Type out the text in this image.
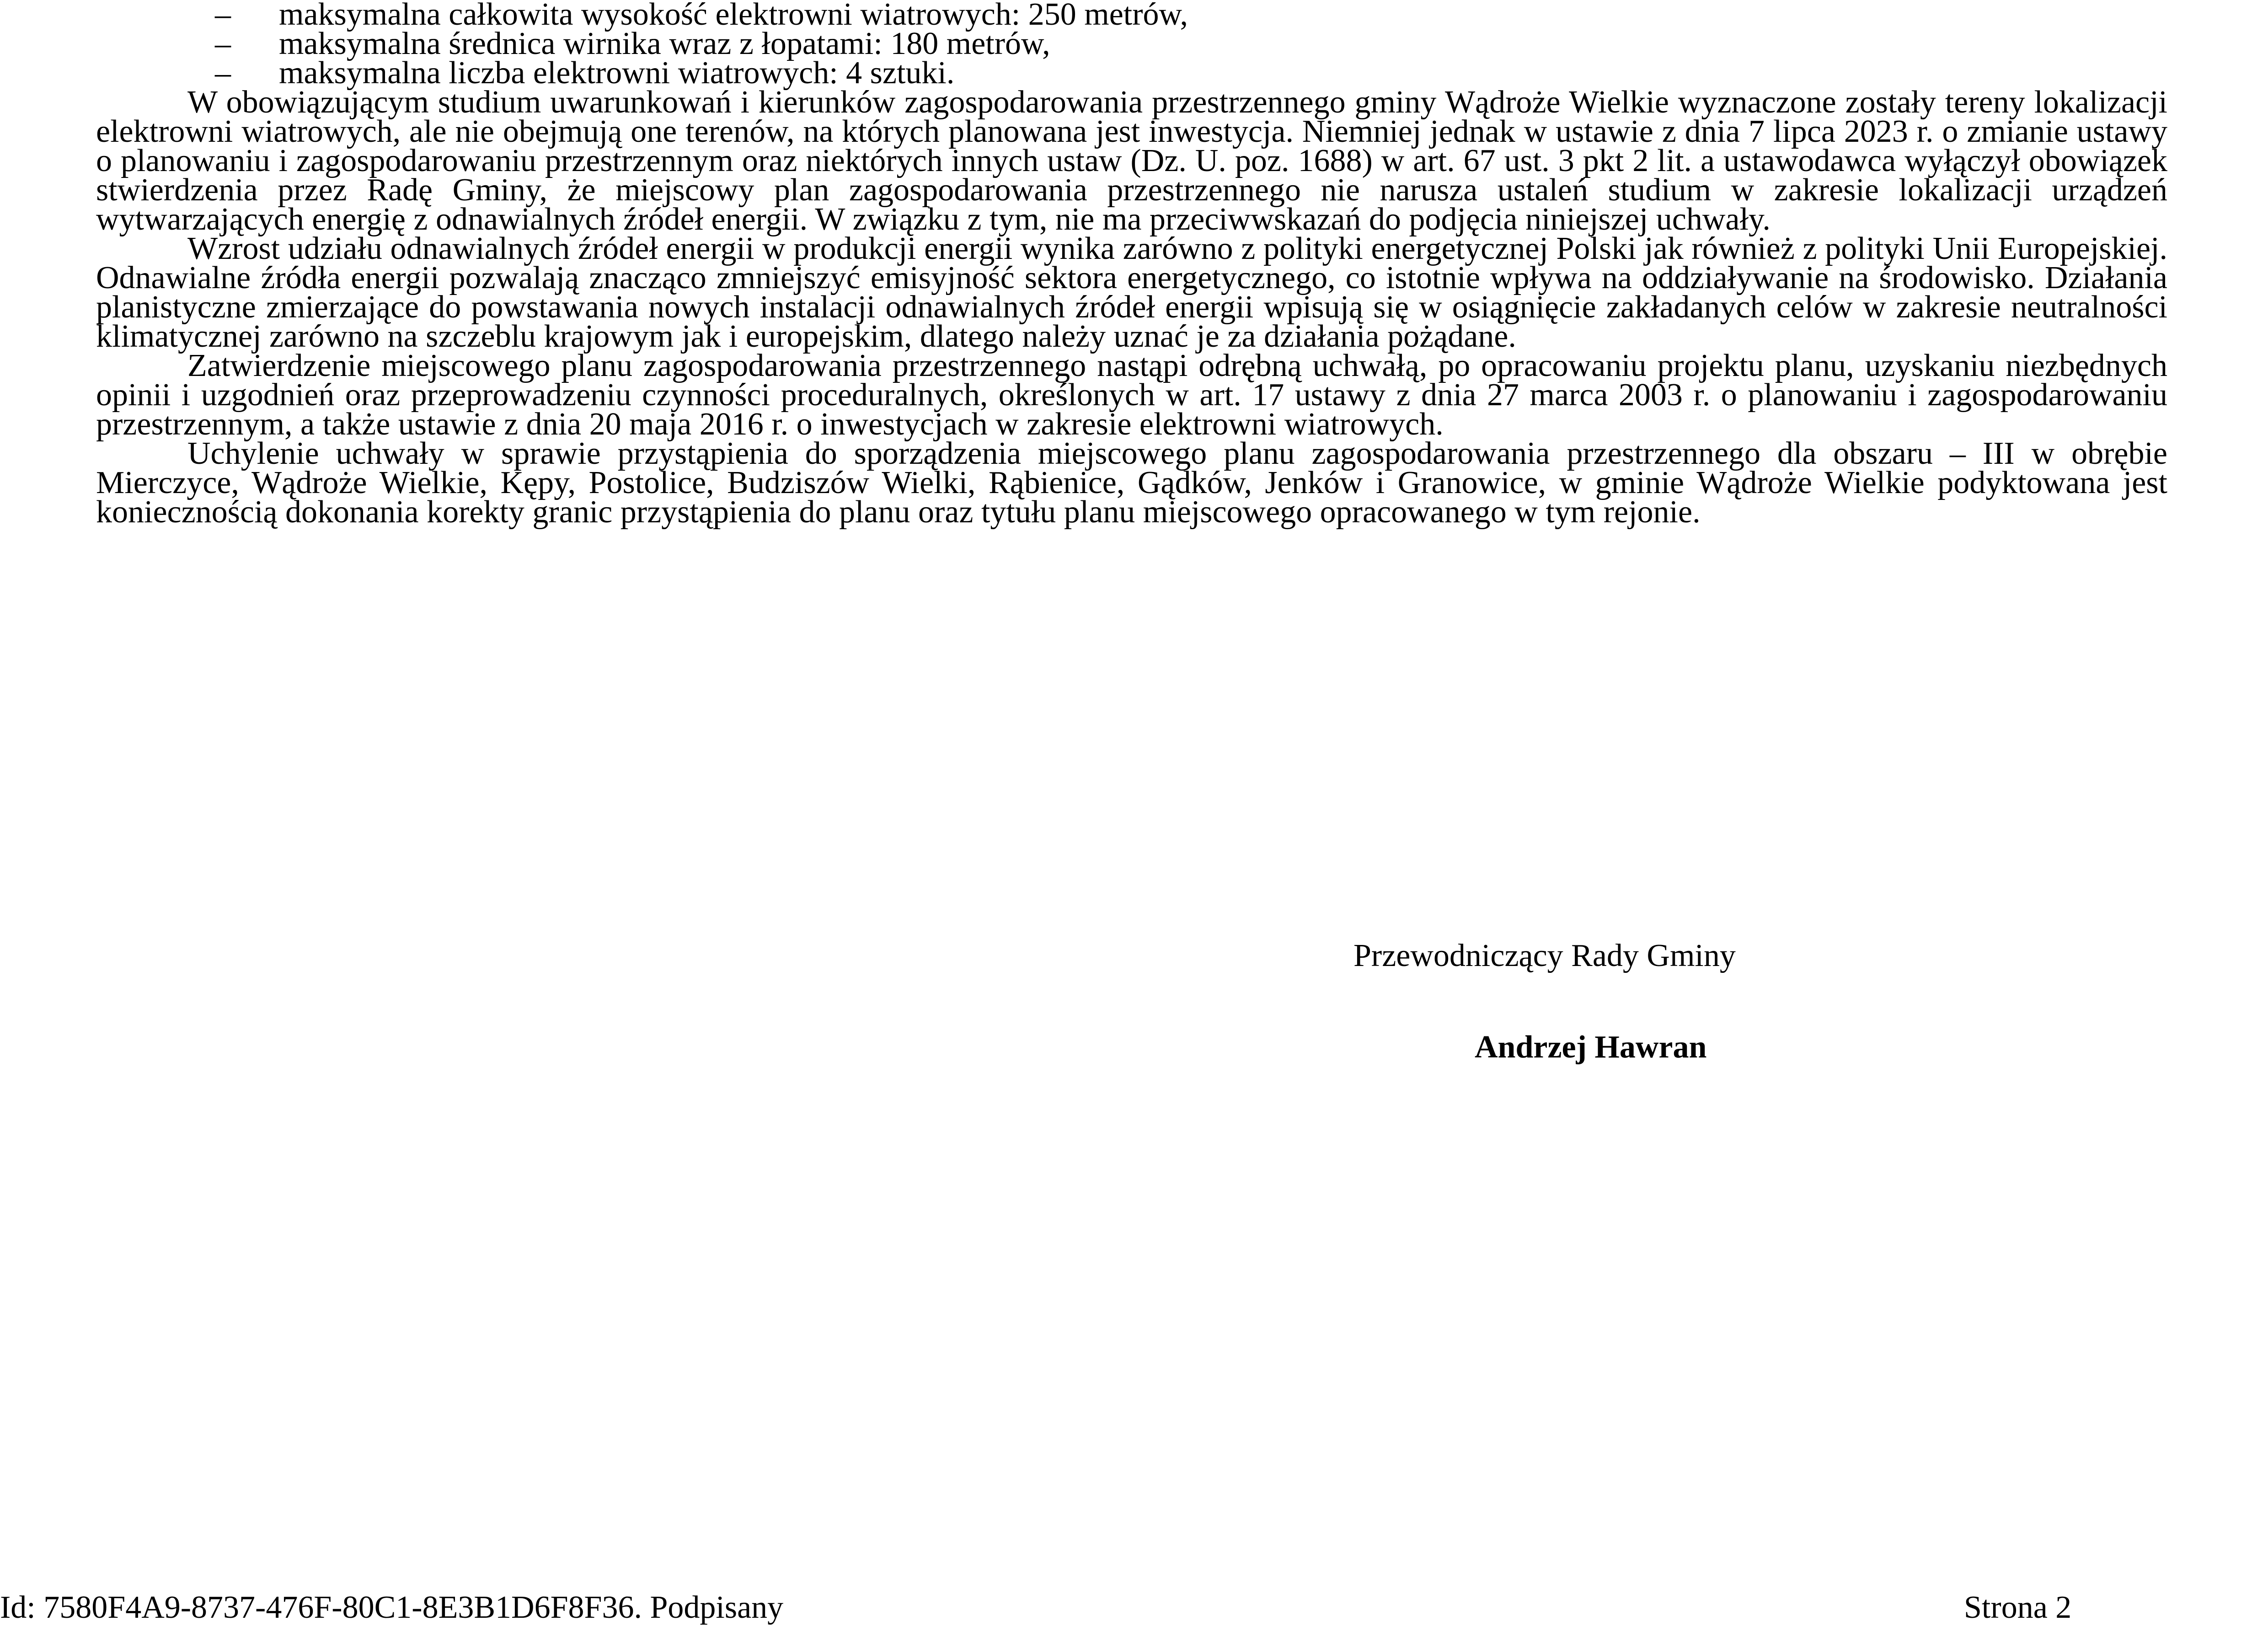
– maksymalna całkowita wysokość elektrowni wiatrowych: 250 metrów,
– maksymalna średnica wirnika wraz z łopatami: 180 metrów,
– maksymalna liczba elektrowni wiatrowych: 4 sztuki.

W obowiązującym studium uwarunkowań i kierunków zagospodarowania przestrzennego gminy Wądroże Wielkie wyznaczone zostały tereny lokalizacji elektrowni wiatrowych, ale nie obejmują one terenów, na których planowana jest inwestycja. Niemniej jednak w ustawie z dnia 7 lipca 2023 r. o zmianie ustawy o planowaniu i zagospodarowaniu przestrzennym oraz niektórych innych ustaw (Dz. U. poz. 1688) w art. 67 ust. 3 pkt 2 lit. a ustawodawca wyłączył obowiązek stwierdzenia przez Radę Gminy, że miejscowy plan zagospodarowania przestrzennego nie narusza ustaleń studium w zakresie lokalizacji urządzeń wytwarzających energię z odnawialnych źródeł energii. W związku z tym, nie ma przeciwwskazań do podjęcia niniejszej uchwały.

Wzrost udziału odnawialnych źródeł energii w produkcji energii wynika zarówno z polityki energetycznej Polski jak również z polityki Unii Europejskiej. Odnawialne źródła energii pozwalają znacząco zmniejszyć emisyjność sektora energetycznego, co istotnie wpływa na oddziaływanie na środowisko. Działania planistyczne zmierzające do powstawania nowych instalacji odnawialnych źródeł energii wpisują się w osiągnięcie zakładanych celów w zakresie neutralności klimatycznej zarówno na szczeblu krajowym jak i europejskim, dlatego należy uznać je za działania pożądane.

Zatwierdzenie miejscowego planu zagospodarowania przestrzennego nastąpi odrębną uchwałą, po opracowaniu projektu planu, uzyskaniu niezbędnych opinii i uzgodnień oraz przeprowadzeniu czynności proceduralnych, określonych w art. 17 ustawy z dnia 27 marca 2003 r. o planowaniu i zagospodarowaniu przestrzennym, a także ustawie z dnia 20 maja 2016 r. o inwestycjach w zakresie elektrowni wiatrowych.

Uchylenie uchwały w sprawie przystąpienia do sporządzenia miejscowego planu zagospodarowania przestrzennego dla obszaru – III w obrębie Mierczyce, Wądroże Wielkie, Kępy, Postolice, Budziszów Wielki, Rąbienice, Gądków, Jenków i Granowice, w gminie Wądroże Wielkie podyktowana jest koniecznością dokonania korekty granic przystąpienia do planu oraz tytułu planu miejscowego opracowanego w tym rejonie.

Przewodniczący Rady Gminy
Andrzej Hawran
Id: 7580F4A9-8737-476F-80C1-8E3B1D6F8F36. Podpisany	Strona 2
